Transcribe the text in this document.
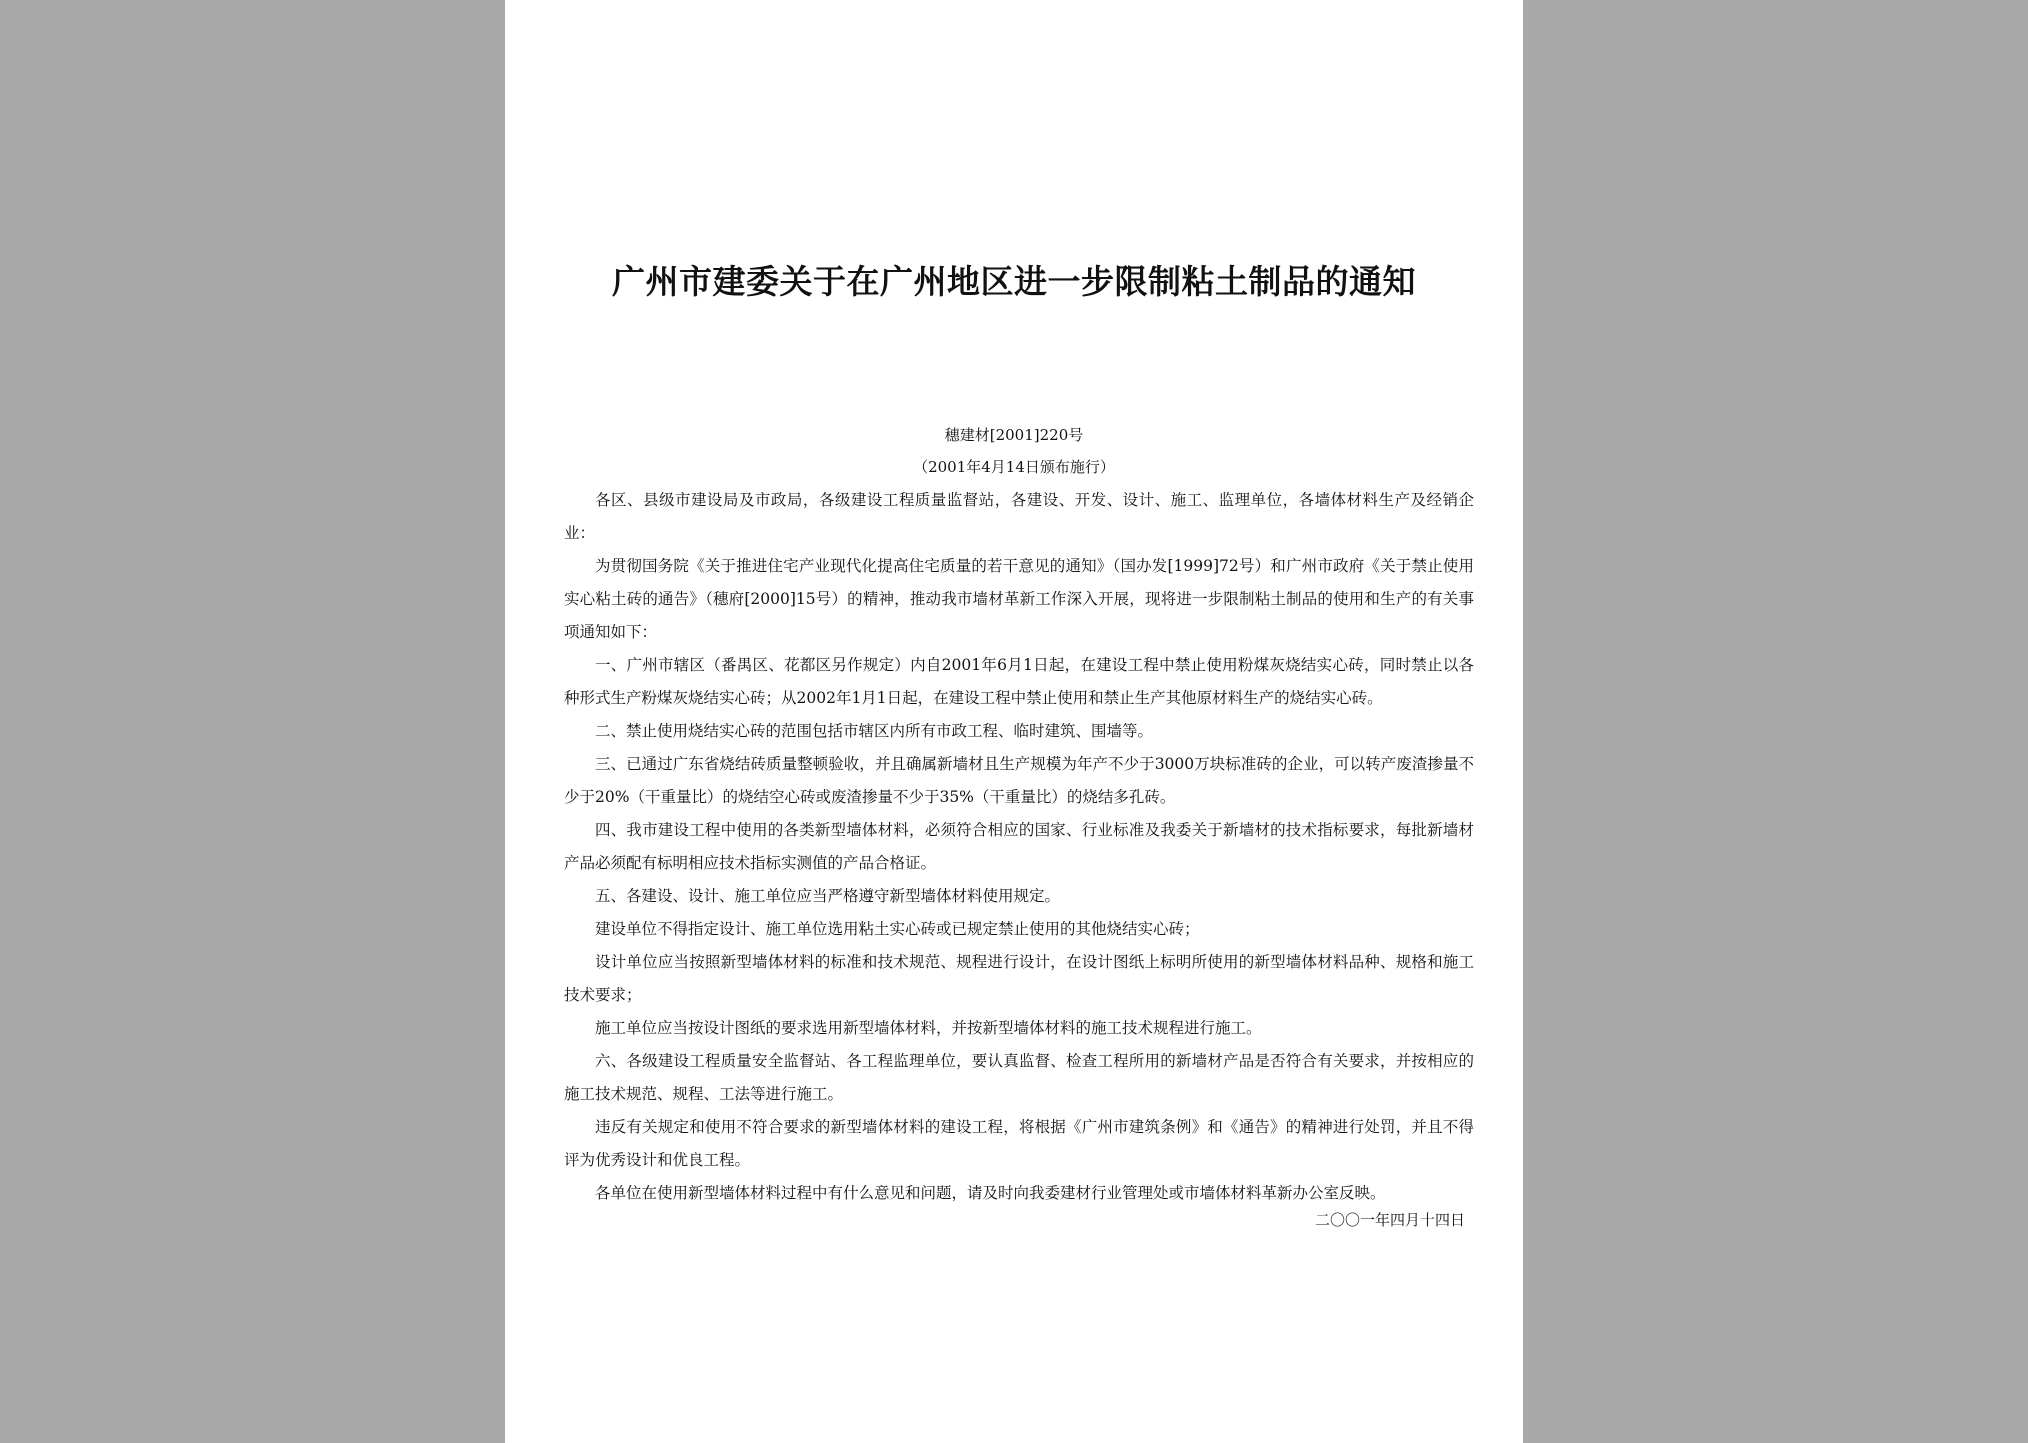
广州市建委关于在广州地区进一步限制粘土制品的通知
穗建材[2001]220号
（2001年4月14日颁布施行）

各区、县级市建设局及市政局，各级建设工程质量监督站，各建设、开发、设计、施工、监理单位，各墙体材料生产及经销企业：

为贯彻国务院《关于推进住宅产业现代化提高住宅质量的若干意见的通知》（国办发[1999]72号）和广州市政府《关于禁止使用实心粘土砖的通告》（穗府[2000]15号）的精神，推动我市墙材革新工作深入开展，现将进一步限制粘土制品的使用和生产的有关事项通知如下：

一、广州市辖区（番禺区、花都区另作规定）内自2001年6月1日起，在建设工程中禁止使用粉煤灰烧结实心砖，同时禁止以各种形式生产粉煤灰烧结实心砖；从2002年1月1日起，在建设工程中禁止使用和禁止生产其他原材料生产的烧结实心砖。

二、禁止使用烧结实心砖的范围包括市辖区内所有市政工程、临时建筑、围墙等。

三、已通过广东省烧结砖质量整顿验收，并且确属新墙材且生产规模为年产不少于3000万块标准砖的企业，可以转产废渣掺量不少于20%（干重量比）的烧结空心砖或废渣掺量不少于35%（干重量比）的烧结多孔砖。

四、我市建设工程中使用的各类新型墙体材料，必须符合相应的国家、行业标准及我委关于新墙材的技术指标要求，每批新墙材产品必须配有标明相应技术指标实测值的产品合格证。

五、各建设、设计、施工单位应当严格遵守新型墙体材料使用规定。

建设单位不得指定设计、施工单位选用粘土实心砖或已规定禁止使用的其他烧结实心砖；

设计单位应当按照新型墙体材料的标准和技术规范、规程进行设计，在设计图纸上标明所使用的新型墙体材料品种、规格和施工技术要求；

施工单位应当按设计图纸的要求选用新型墙体材料，并按新型墙体材料的施工技术规程进行施工。

六、各级建设工程质量安全监督站、各工程监理单位，要认真监督、检查工程所用的新墙材产品是否符合有关要求，并按相应的施工技术规范、规程、工法等进行施工。

违反有关规定和使用不符合要求的新型墙体材料的建设工程，将根据《广州市建筑条例》和《通告》的精神进行处罚，并且不得评为优秀设计和优良工程。

各单位在使用新型墙体材料过程中有什么意见和问题，请及时向我委建材行业管理处或市墙体材料革新办公室反映。

二〇〇一年四月十四日
